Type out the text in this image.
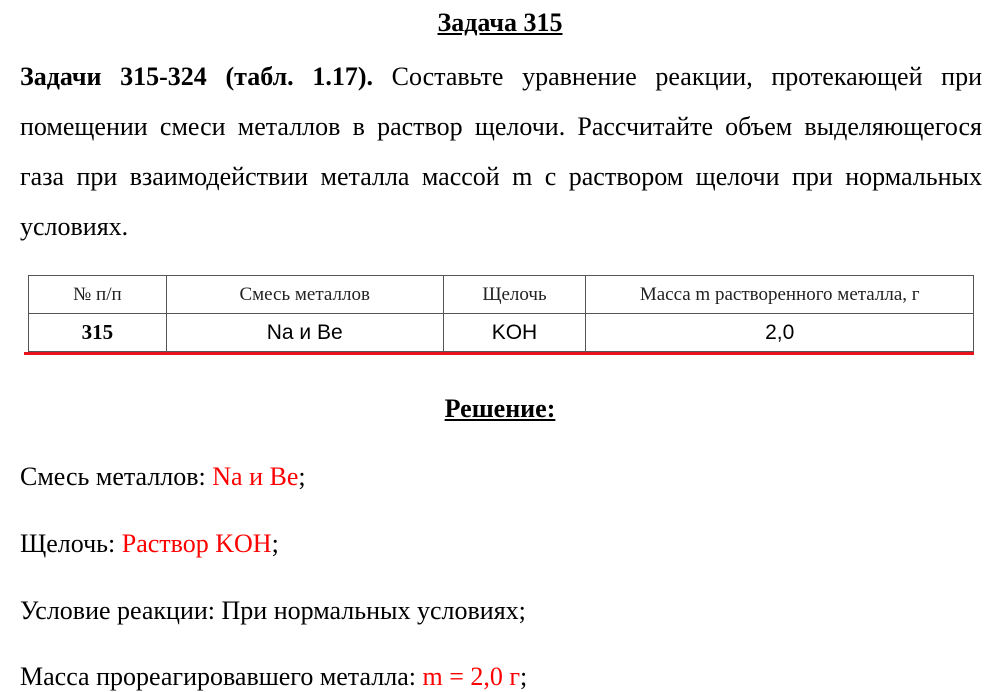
Задача 315
Задачи 315-324 (табл. 1.17). Составьте уравнение реакции, протекающей при помещении смеси металлов в раствор щелочи. Рассчитайте объем выделяющегося газа при взаимодействии металла массой m с раствором щелочи при нормальных условиях.
№ п/п	Смесь металлов	Щелочь	Масса m растворенного металла, г
315	Na и Be	KOH	2,0
Решение:
Смесь металлов: Na и Be;
Щелочь: Раствор KOH;
Условие реакции: При нормальных условиях;
Масса прореагировавшего металла: m = 2,0 г;
